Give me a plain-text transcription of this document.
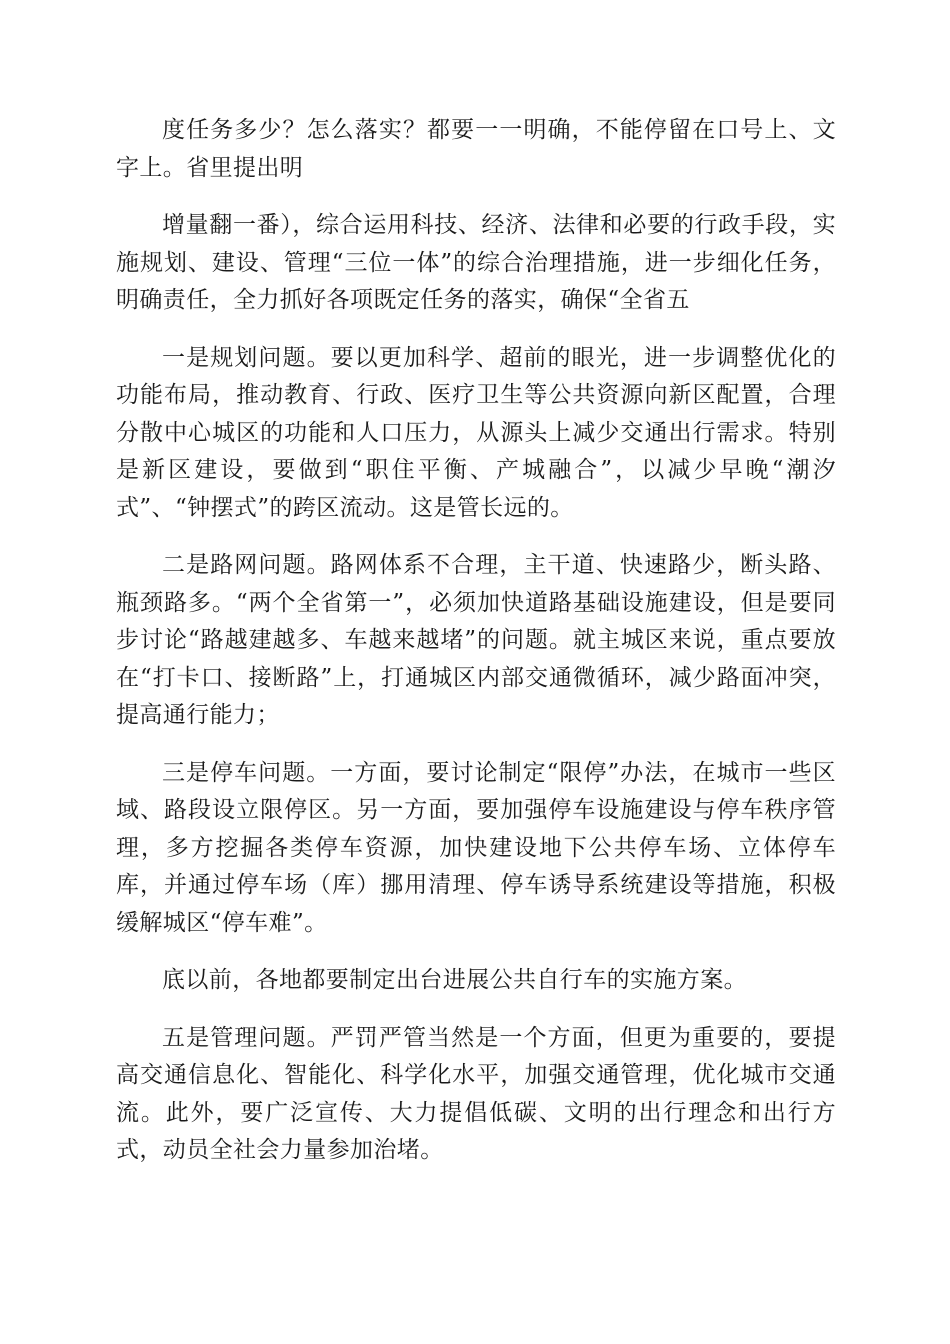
度任务多少？怎么落实？都要一一明确，不能停留在口号上、文字上。省里提出明

增量翻一番），综合运用科技、经济、法律和必要的行政手段，实施规划、建设、管理“三位一体”的综合治理措施，进一步细化任务，明确责任，全力抓好各项既定任务的落实，确保“全省五

一是规划问题。要以更加科学、超前的眼光，进一步调整优化的功能布局，推动教育、行政、医疗卫生等公共资源向新区配置，合理分散中心城区的功能和人口压力，从源头上减少交通出行需求。特别是新区建设，要做到“职住平衡、产城融合”，以减少早晚“潮汐式”、“钟摆式”的跨区流动。这是管长远的。

二是路网问题。路网体系不合理，主干道、快速路少，断头路、瓶颈路多。“两个全省第一”，必须加快道路基础设施建设，但是要同步讨论“路越建越多、车越来越堵”的问题。就主城区来说，重点要放在“打卡口、接断路”上，打通城区内部交通微循环，减少路面冲突，提高通行能力；

三是停车问题。一方面，要讨论制定“限停”办法，在城市一些区域、路段设立限停区。另一方面，要加强停车设施建设与停车秩序管理，多方挖掘各类停车资源，加快建设地下公共停车场、立体停车库，并通过停车场（库）挪用清理、停车诱导系统建设等措施，积极缓解城区“停车难”。

底以前，各地都要制定出台进展公共自行车的实施方案。

五是管理问题。严罚严管当然是一个方面，但更为重要的，要提高交通信息化、智能化、科学化水平，加强交通管理，优化城市交通流。此外，要广泛宣传、大力提倡低碳、文明的出行理念和出行方式，动员全社会力量参加治堵。
